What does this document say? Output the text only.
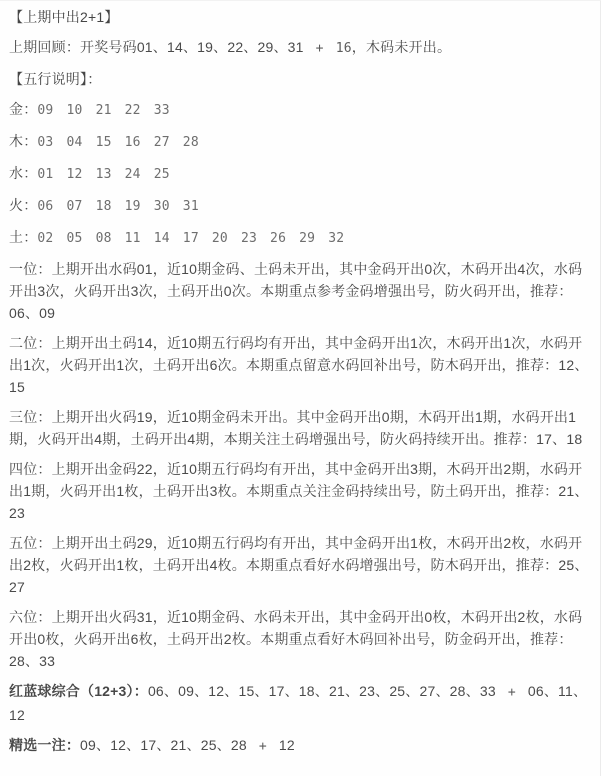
【上期中出2+1】

上期回顾：开奖号码01、14、19、22、29、31 + 16，木码未开出。

【五行说明】：

金：09 10 21 22 33

木：03 04 15 16 27 28

水：01 12 13 24 25

火：06 07 18 19 30 31

土：02 05 08 11 14 17 20 23 26 29 32

一位：上期开出水码01，近10期金码、土码未开出，其中金码开出0次，木码开出4次，水码开出3次，火码开出3次，土码开出0次。本期重点参考金码增强出号，防火码开出，推荐：06、09

二位：上期开出土码14，近10期五行码均有开出，其中金码开出1次，木码开出1次，水码开出1次，火码开出1次，土码开出6次。本期重点留意水码回补出号，防木码开出，推荐：12、15

三位：上期开出火码19，近10期金码未开出。其中金码开出0期，木码开出1期，水码开出1期，火码开出4期，土码开出4期，本期关注土码增强出号，防火码持续开出。推荐：17、18

四位：上期开出金码22，近10期五行码均有开出，其中金码开出3期，木码开出2期，水码开出1期，火码开出1枚，土码开出3枚。本期重点关注金码持续出号，防土码开出，推荐：21、23

五位：上期开出土码29，近10期五行码均有开出，其中金码开出1枚，木码开出2枚，水码开出2枚，火码开出1枚，土码开出4枚。本期重点看好水码增强出号，防木码开出，推荐：25、27

六位：上期开出火码31，近10期金码、水码未开出，其中金码开出0枚，木码开出2枚，水码开出0枚，火码开出6枚，土码开出2枚。本期重点看好木码回补出号，防金码开出，推荐：28、33

红蓝球综合（12+3）：06、09、12、15、17、18、21、23、25、27、28、33 + 06、11、12

精选一注：09、12、17、21、25、28 + 12
